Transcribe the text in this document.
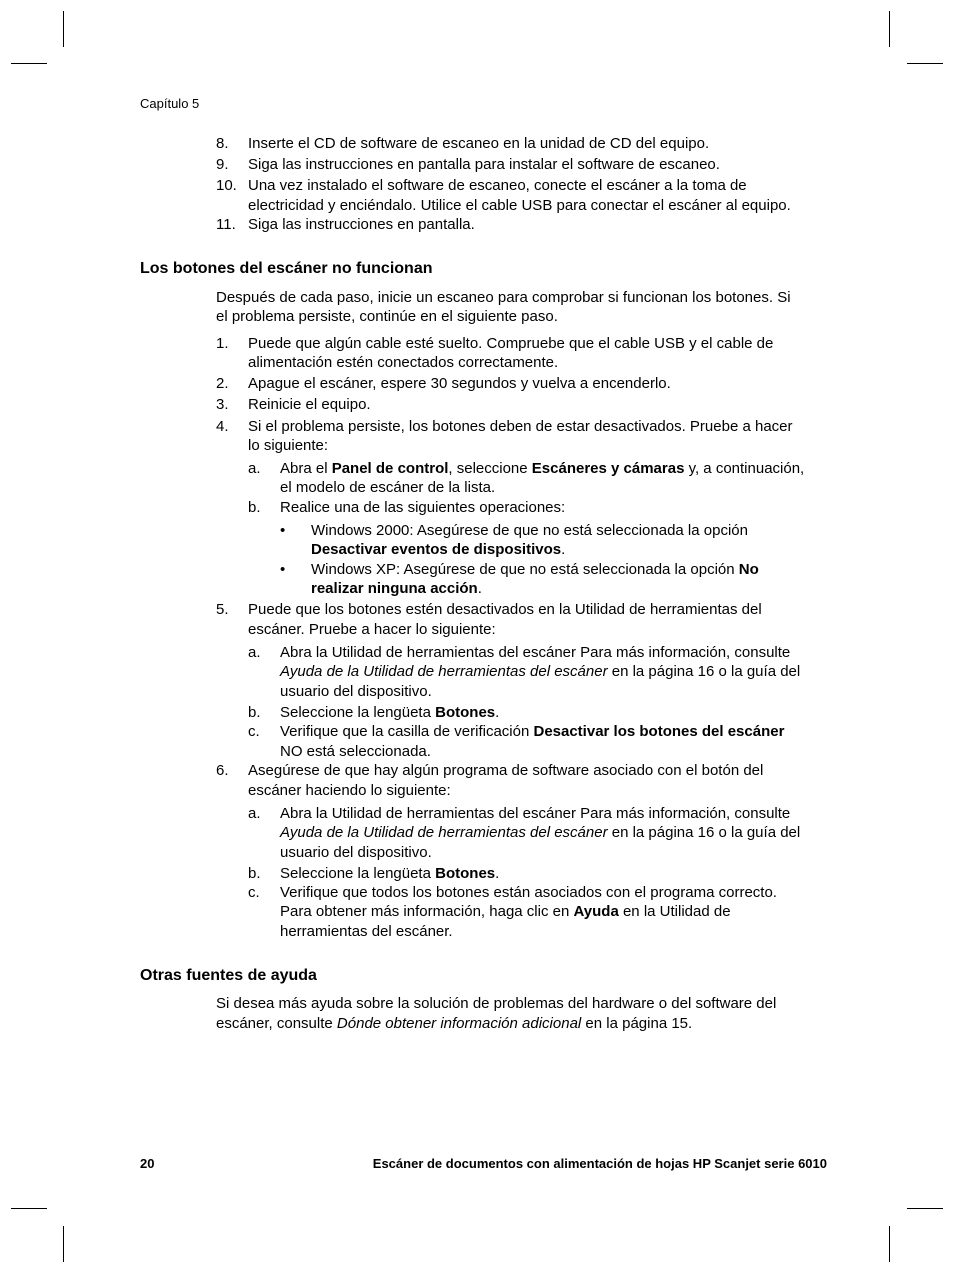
Capítulo 5
8. Inserte el CD de software de escaneo en la unidad de CD del equipo.
9. Siga las instrucciones en pantalla para instalar el software de escaneo.
10. Una vez instalado el software de escaneo, conecte el escáner a la toma de
electricidad y enciéndalo. Utilice el cable USB para conectar el escáner al equipo.
11. Siga las instrucciones en pantalla.
Los botones del escáner no funcionan
Después de cada paso, inicie un escaneo para comprobar si funcionan los botones. Si
el problema persiste, continúe en el siguiente paso.
1. Puede que algún cable esté suelto. Compruebe que el cable USB y el cable de
alimentación estén conectados correctamente.
2. Apague el escáner, espere 30 segundos y vuelva a encenderlo.
3. Reinicie el equipo.
4. Si el problema persiste, los botones deben de estar desactivados. Pruebe a hacer
lo siguiente:
a. Abra el Panel de control, seleccione Escáneres y cámaras y, a continuación,
el modelo de escáner de la lista.
b. Realice una de las siguientes operaciones:
• Windows 2000: Asegúrese de que no está seleccionada la opción
Desactivar eventos de dispositivos.
• Windows XP: Asegúrese de que no está seleccionada la opción No
realizar ninguna acción.
5. Puede que los botones estén desactivados en la Utilidad de herramientas del
escáner. Pruebe a hacer lo siguiente:
a. Abra la Utilidad de herramientas del escáner Para más información, consulte
Ayuda de la Utilidad de herramientas del escáner en la página 16 o la guía del
usuario del dispositivo.
b. Seleccione la lengüeta Botones.
c. Verifique que la casilla de verificación Desactivar los botones del escáner
NO está seleccionada.
6. Asegúrese de que hay algún programa de software asociado con el botón del
escáner haciendo lo siguiente:
a. Abra la Utilidad de herramientas del escáner Para más información, consulte
Ayuda de la Utilidad de herramientas del escáner en la página 16 o la guía del
usuario del dispositivo.
b. Seleccione la lengüeta Botones.
c. Verifique que todos los botones están asociados con el programa correcto.
Para obtener más información, haga clic en Ayuda en la Utilidad de
herramientas del escáner.
Otras fuentes de ayuda
Si desea más ayuda sobre la solución de problemas del hardware o del software del
escáner, consulte Dónde obtener información adicional en la página 15.
20	Escáner de documentos con alimentación de hojas HP Scanjet serie 6010
